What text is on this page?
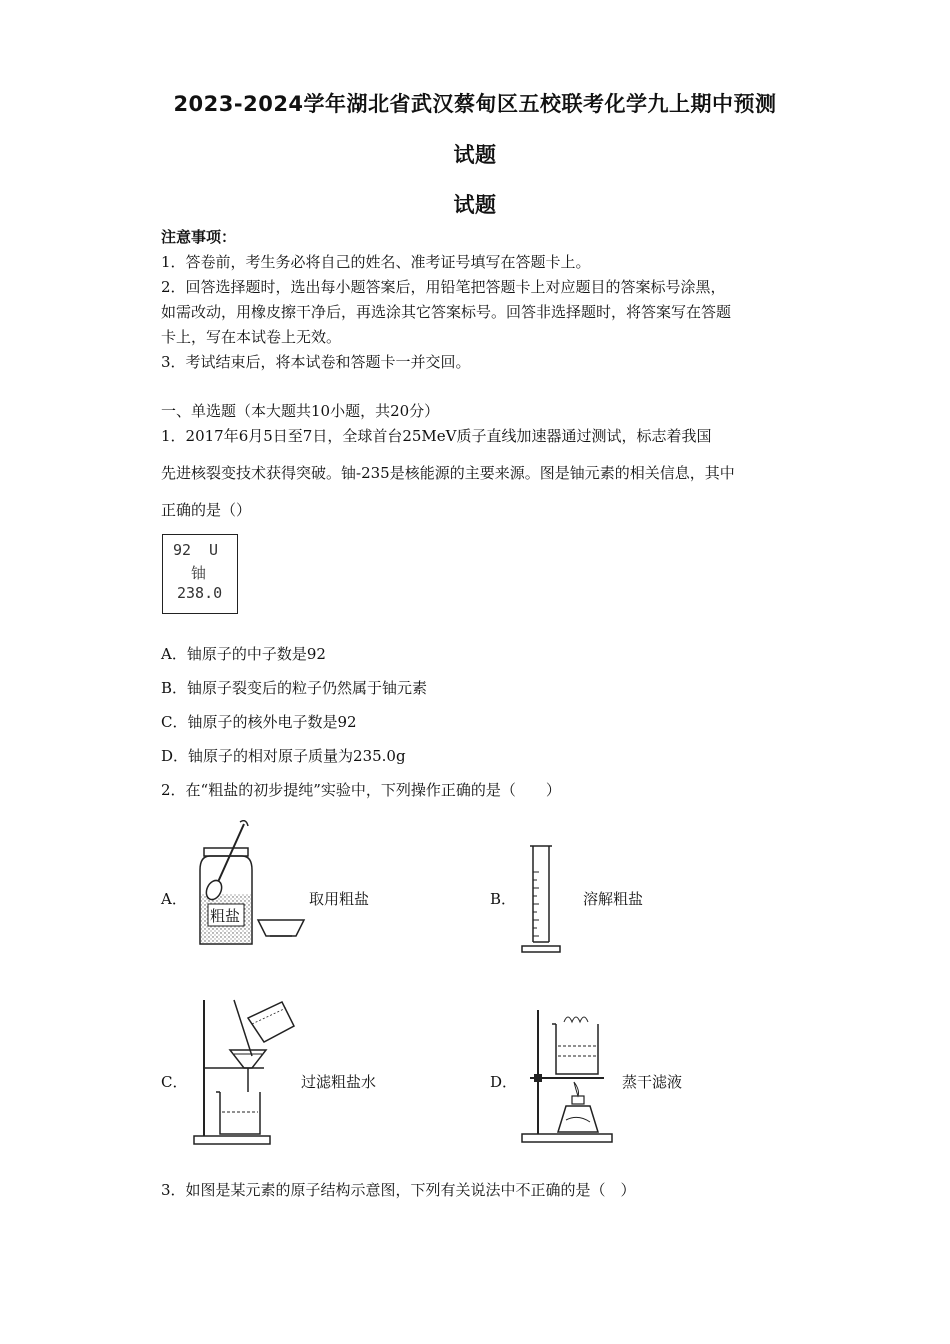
2023-2024学年湖北省武汉蔡甸区五校联考化学九上期中预测
试题
试题
注意事项：
1．答卷前，考生务必将自己的姓名、准考证号填写在答题卡上。
2．回答选择题时，选出每小题答案后，用铅笔把答题卡上对应题目的答案标号涂黑，
如需改动，用橡皮擦干净后，再选涂其它答案标号。回答非选择题时，将答案写在答题
卡上，写在本试卷上无效。
3．考试结束后，将本试卷和答题卡一并交回。
一、单选题（本大题共10小题，共20分）
1．2017年6月5日至7日，全球首台25MeV质子直线加速器通过测试，标志着我国
先进核裂变技术获得突破。铀-235是核能源的主要来源。图是铀元素的相关信息，其中
正确的是（）
92 U
铀
238.0
A．铀原子的中子数是92
B．铀原子裂变后的粒子仍然属于铀元素
C．铀原子的核外电子数是92
D．铀原子的相对原子质量为235.0g
2．在“粗盐的初步提纯”实验中，下列操作正确的是（　　）
A．
粗盐
取用粗盐	B．	溶解粗盐
C．	过滤粗盐水	D．	蒸干滤液
3．如图是某元素的原子结构示意图，下列有关说法中不正确的是（　）
